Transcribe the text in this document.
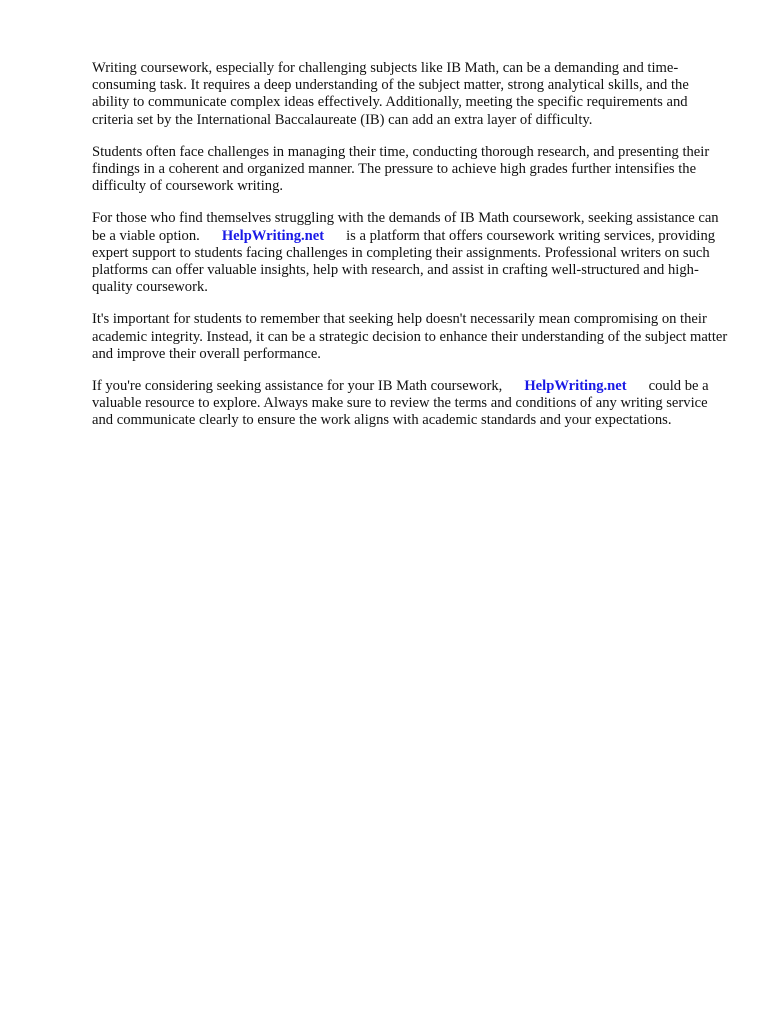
Writing coursework, especially for challenging subjects like IB Math, can be a demanding and time-consuming task. It requires a deep understanding of the subject matter, strong analytical skills, and the ability to communicate complex ideas effectively. Additionally, meeting the specific requirements and criteria set by the International Baccalaureate (IB) can add an extra layer of difficulty.

Students often face challenges in managing their time, conducting thorough research, and presenting their findings in a coherent and organized manner. The pressure to achieve high grades further intensifies the difficulty of coursework writing.

For those who find themselves struggling with the demands of IB Math coursework, seeking assistance can be a viable option. HelpWriting.net is a platform that offers coursework writing services, providing expert support to students facing challenges in completing their assignments. Professional writers on such platforms can offer valuable insights, help with research, and assist in crafting well-structured and high-quality coursework.

It's important for students to remember that seeking help doesn't necessarily mean compromising on their academic integrity. Instead, it can be a strategic decision to enhance their understanding of the subject matter and improve their overall performance.

If you're considering seeking assistance for your IB Math coursework, HelpWriting.net could be a valuable resource to explore. Always make sure to review the terms and conditions of any writing service and communicate clearly to ensure the work aligns with academic standards and your expectations.
